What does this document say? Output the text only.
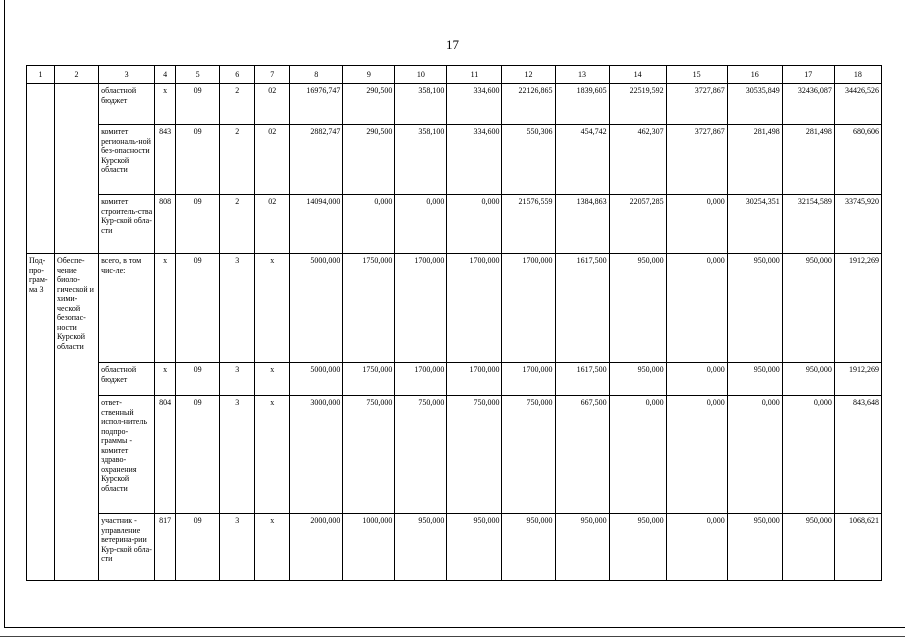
17
1	2	3	4	5	6	7	8	9	10	11	12	13	14	15	16	17	18
		областной бюджет	x	09	2	02	16976,747	290,500	358,100	334,600	22126,865	1839,605	22519,592	3727,867	30535,849	32436,087	34426,526
		комитет региональ-ной без-опасности Курской области	843	09	2	02	2882,747	290,500	358,100	334,600	550,306	454,742	462,307	3727,867	281,498	281,498	680,606
		комитет строитель-ства Кур-ской обла-сти	808	09	2	02	14094,000	0,000	0,000	0,000	21576,559	1384,863	22057,285	0,000	30254,351	32154,589	33745,920
Под-про-грам-ма 3	Обеспе-чение биоло-гической и хими-ческой безопас-ности Курской области	всего, в том чис-ле:	x	09	3	x	5000,000	1750,000	1700,000	1700,000	1700,000	1617,500	950,000	0,000	950,000	950,000	1912,269
		областной бюджет	x	09	3	x	5000,000	1750,000	1700,000	1700,000	1700,000	1617,500	950,000	0,000	950,000	950,000	1912,269
		ответ-ственный испол-нитель подпро-граммы - комитет здраво-охранения Курской области	804	09	3	x	3000,000	750,000	750,000	750,000	750,000	667,500	0,000	0,000	0,000	0,000	843,648
		участник - управление ветерина-рии Кур-ской обла-сти	817	09	3	x	2000,000	1000,000	950,000	950,000	950,000	950,000	950,000	0,000	950,000	950,000	1068,621
